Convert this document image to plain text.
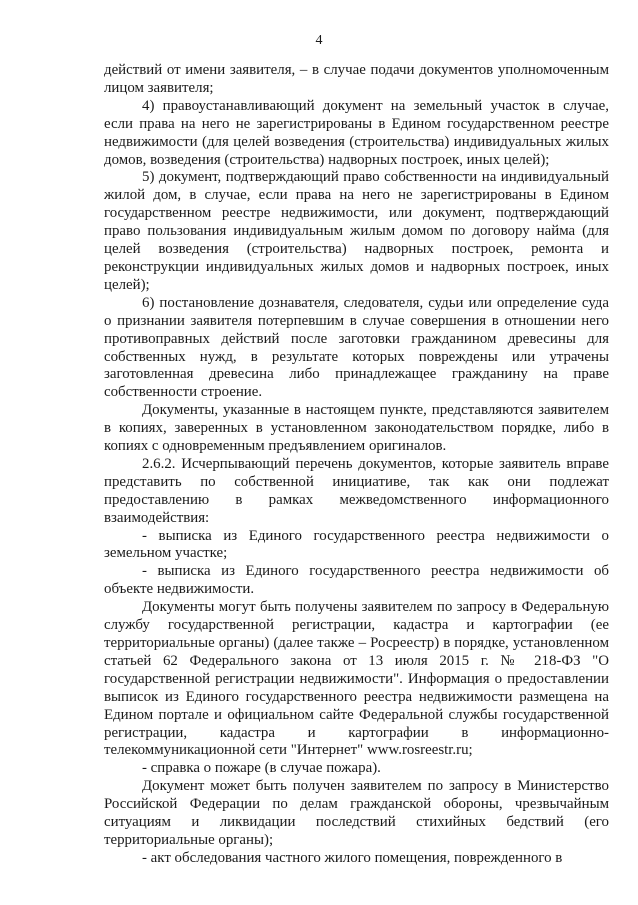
4

действий от имени заявителя, – в случае подачи документов уполномоченным лицом заявителя;

4) правоустанавливающий документ на земельный участок в случае, если права на него не зарегистрированы в Едином государственном реестре недвижимости (для целей возведения (строительства) индивидуальных жилых домов, возведения (строительства) надворных построек, иных целей);

5) документ, подтверждающий право собственности на индивидуальный жилой дом, в случае, если права на него не зарегистрированы в Едином государственном реестре недвижимости, или документ, подтверждающий право пользования индивидуальным жилым домом по договору найма (для целей возведения (строительства) надворных построек, ремонта и реконструкции индивидуальных жилых домов и надворных построек, иных целей);

6) постановление дознавателя, следователя, судьи или определение суда о признании заявителя потерпевшим в случае совершения в отношении него противоправных действий после заготовки гражданином древесины для собственных нужд, в результате которых повреждены или утрачены заготовленная древесина либо принадлежащее гражданину на праве собственности строение.

Документы, указанные в настоящем пункте, представляются заявителем в копиях, заверенных в установленном законодательством порядке, либо в копиях с одновременным предъявлением оригиналов.

2.6.2. Исчерпывающий перечень документов, которые заявитель вправе представить по собственной инициативе, так как они подлежат предоставлению в рамках межведомственного информационного взаимодействия:

- выписка из Единого государственного реестра недвижимости о земельном участке;

- выписка из Единого государственного реестра недвижимости об объекте недвижимости.

Документы могут быть получены заявителем по запросу в Федеральную службу государственной регистрации, кадастра и картографии (ее территориальные органы) (далее также – Росреестр) в порядке, установленном статьей 62 Федерального закона от 13 июля 2015 г. № 218-ФЗ "О государственной регистрации недвижимости". Информация о предоставлении выписок из Единого государственного реестра недвижимости размещена на Едином портале и официальном сайте Федеральной службы государственной регистрации, кадастра и картографии в информационно-телекоммуникационной сети "Интернет" www.rosreestr.ru;

- справка о пожаре (в случае пожара).

Документ может быть получен заявителем по запросу в Министерство Российской Федерации по делам гражданской обороны, чрезвычайным ситуациям и ликвидации последствий стихийных бедствий (его территориальные органы);

- акт обследования частного жилого помещения, поврежденного в
